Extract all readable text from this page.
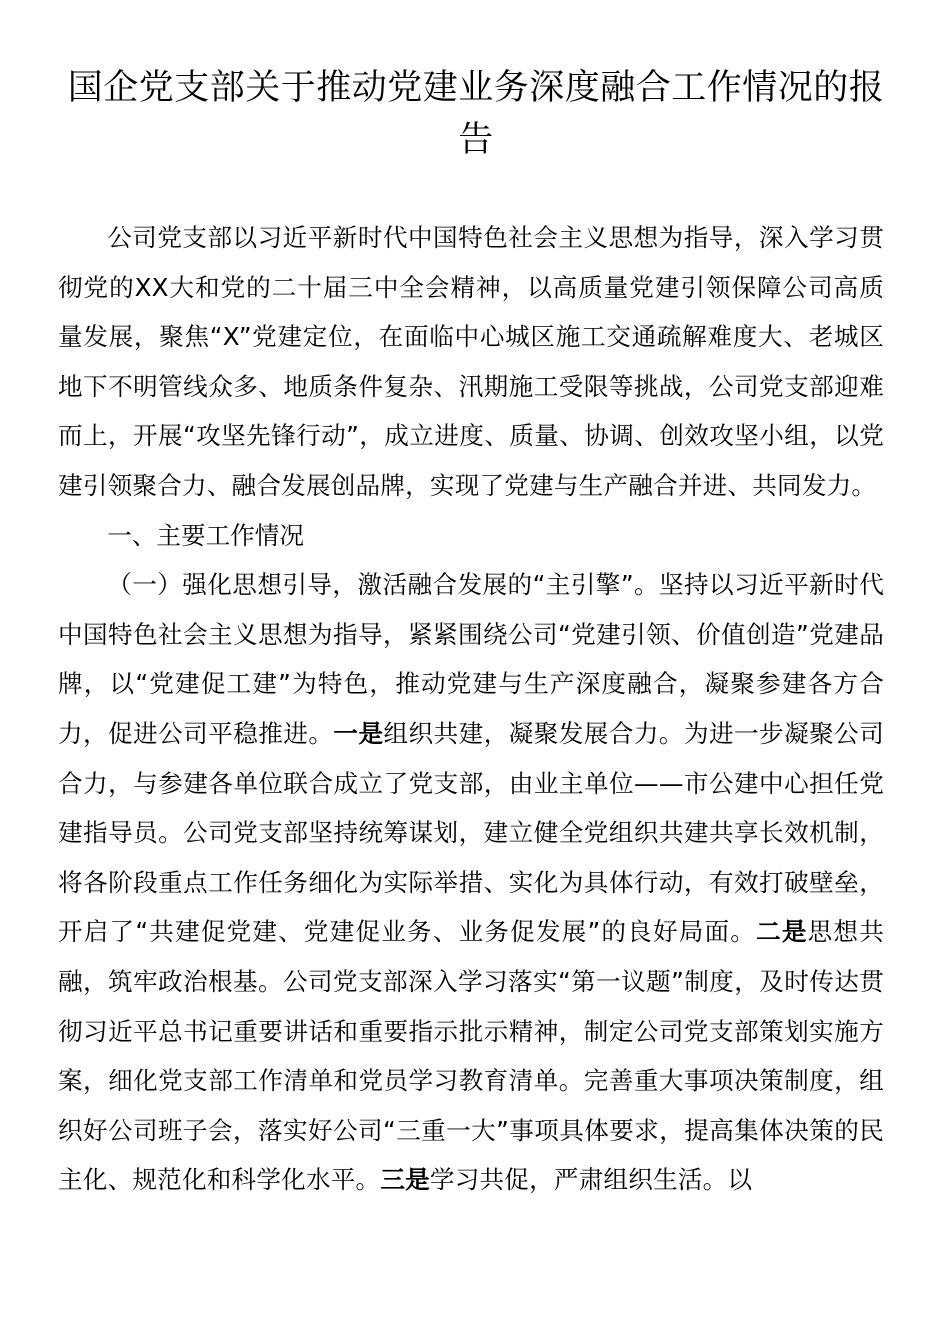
国企党支部关于推动党建业务深度融合工作情况的报告

公司党支部以习近平新时代中国特色社会主义思想为指导，深入学习贯彻党的XX大和党的二十届三中全会精神，以高质量党建引领保障公司高质量发展，聚焦“X”党建定位，在面临中心城区施工交通疏解难度大、老城区地下不明管线众多、地质条件复杂、汛期施工受限等挑战，公司党支部迎难而上，开展“攻坚先锋行动”，成立进度、质量、协调、创效攻坚小组，以党建引领聚合力、融合发展创品牌，实现了党建与生产融合并进、共同发力。

一、主要工作情况

（一）强化思想引导，激活融合发展的“主引擎”。坚持以习近平新时代中国特色社会主义思想为指导，紧紧围绕公司“党建引领、价值创造”党建品牌，以“党建促工建”为特色，推动党建与生产深度融合，凝聚参建各方合力，促进公司平稳推进。一是组织共建，凝聚发展合力。为进一步凝聚公司合力，与参建各单位联合成立了党支部，由业主单位——市公建中心担任党建指导员。公司党支部坚持统筹谋划，建立健全党组织共建共享长效机制，将各阶段重点工作任务细化为实际举措、实化为具体行动，有效打破壁垒，开启了“共建促党建、党建促业务、业务促发展”的良好局面。二是思想共融，筑牢政治根基。公司党支部深入学习落实“第一议题”制度，及时传达贯彻习近平总书记重要讲话和重要指示批示精神，制定公司党支部策划实施方案，细化党支部工作清单和党员学习教育清单。完善重大事项决策制度，组织好公司班子会，落实好公司“三重一大”事项具体要求，提高集体决策的民主化、规范化和科学化水平。三是学习共促，严肃组织生活。以
